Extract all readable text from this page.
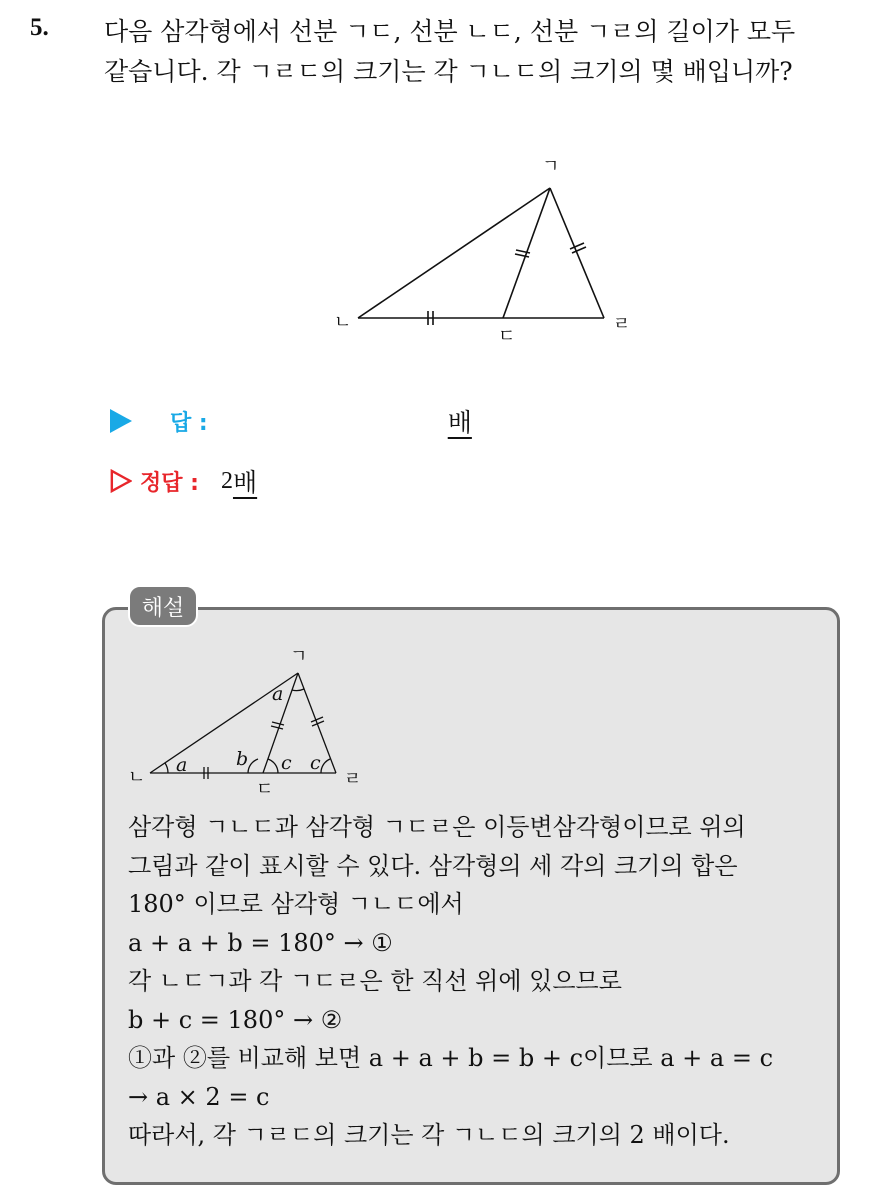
5. 다음 삼각형에서 선분 ㄱㄷ, 선분 ㄴㄷ, 선분 ㄱㄹ의 길이가 모두
같습니다. 각 ㄱㄹㄷ의 크기는 각 ㄱㄴㄷ의 크기의 몇 배입니까?
ㄱ
ㄴ
ㄷ
ㄹ
답 :	배
정답 : 2 배
해설
ㄱ
ㄴ
ㄷ	ㄹ
a
a	b c c
삼각형 ㄱㄴㄷ과 삼각형 ㄱㄷㄹ은 이등변삼각형이므로 위의
그림과 같이 표시할 수 있다. 삼각형의 세 각의 크기의 합은
180° 이므로 삼각형 ㄱㄴㄷ에서
a + a + b = 180° → ①
각 ㄴㄷㄱ과 각 ㄱㄷㄹ은 한 직선 위에 있으므로
b + c = 180° → ②
①과 ②를 비교해 보면 a + a + b = b + c이므로 a + a = c
→ a × 2 = c
따라서, 각 ㄱㄹㄷ의 크기는 각 ㄱㄴㄷ의 크기의 2 배이다.
